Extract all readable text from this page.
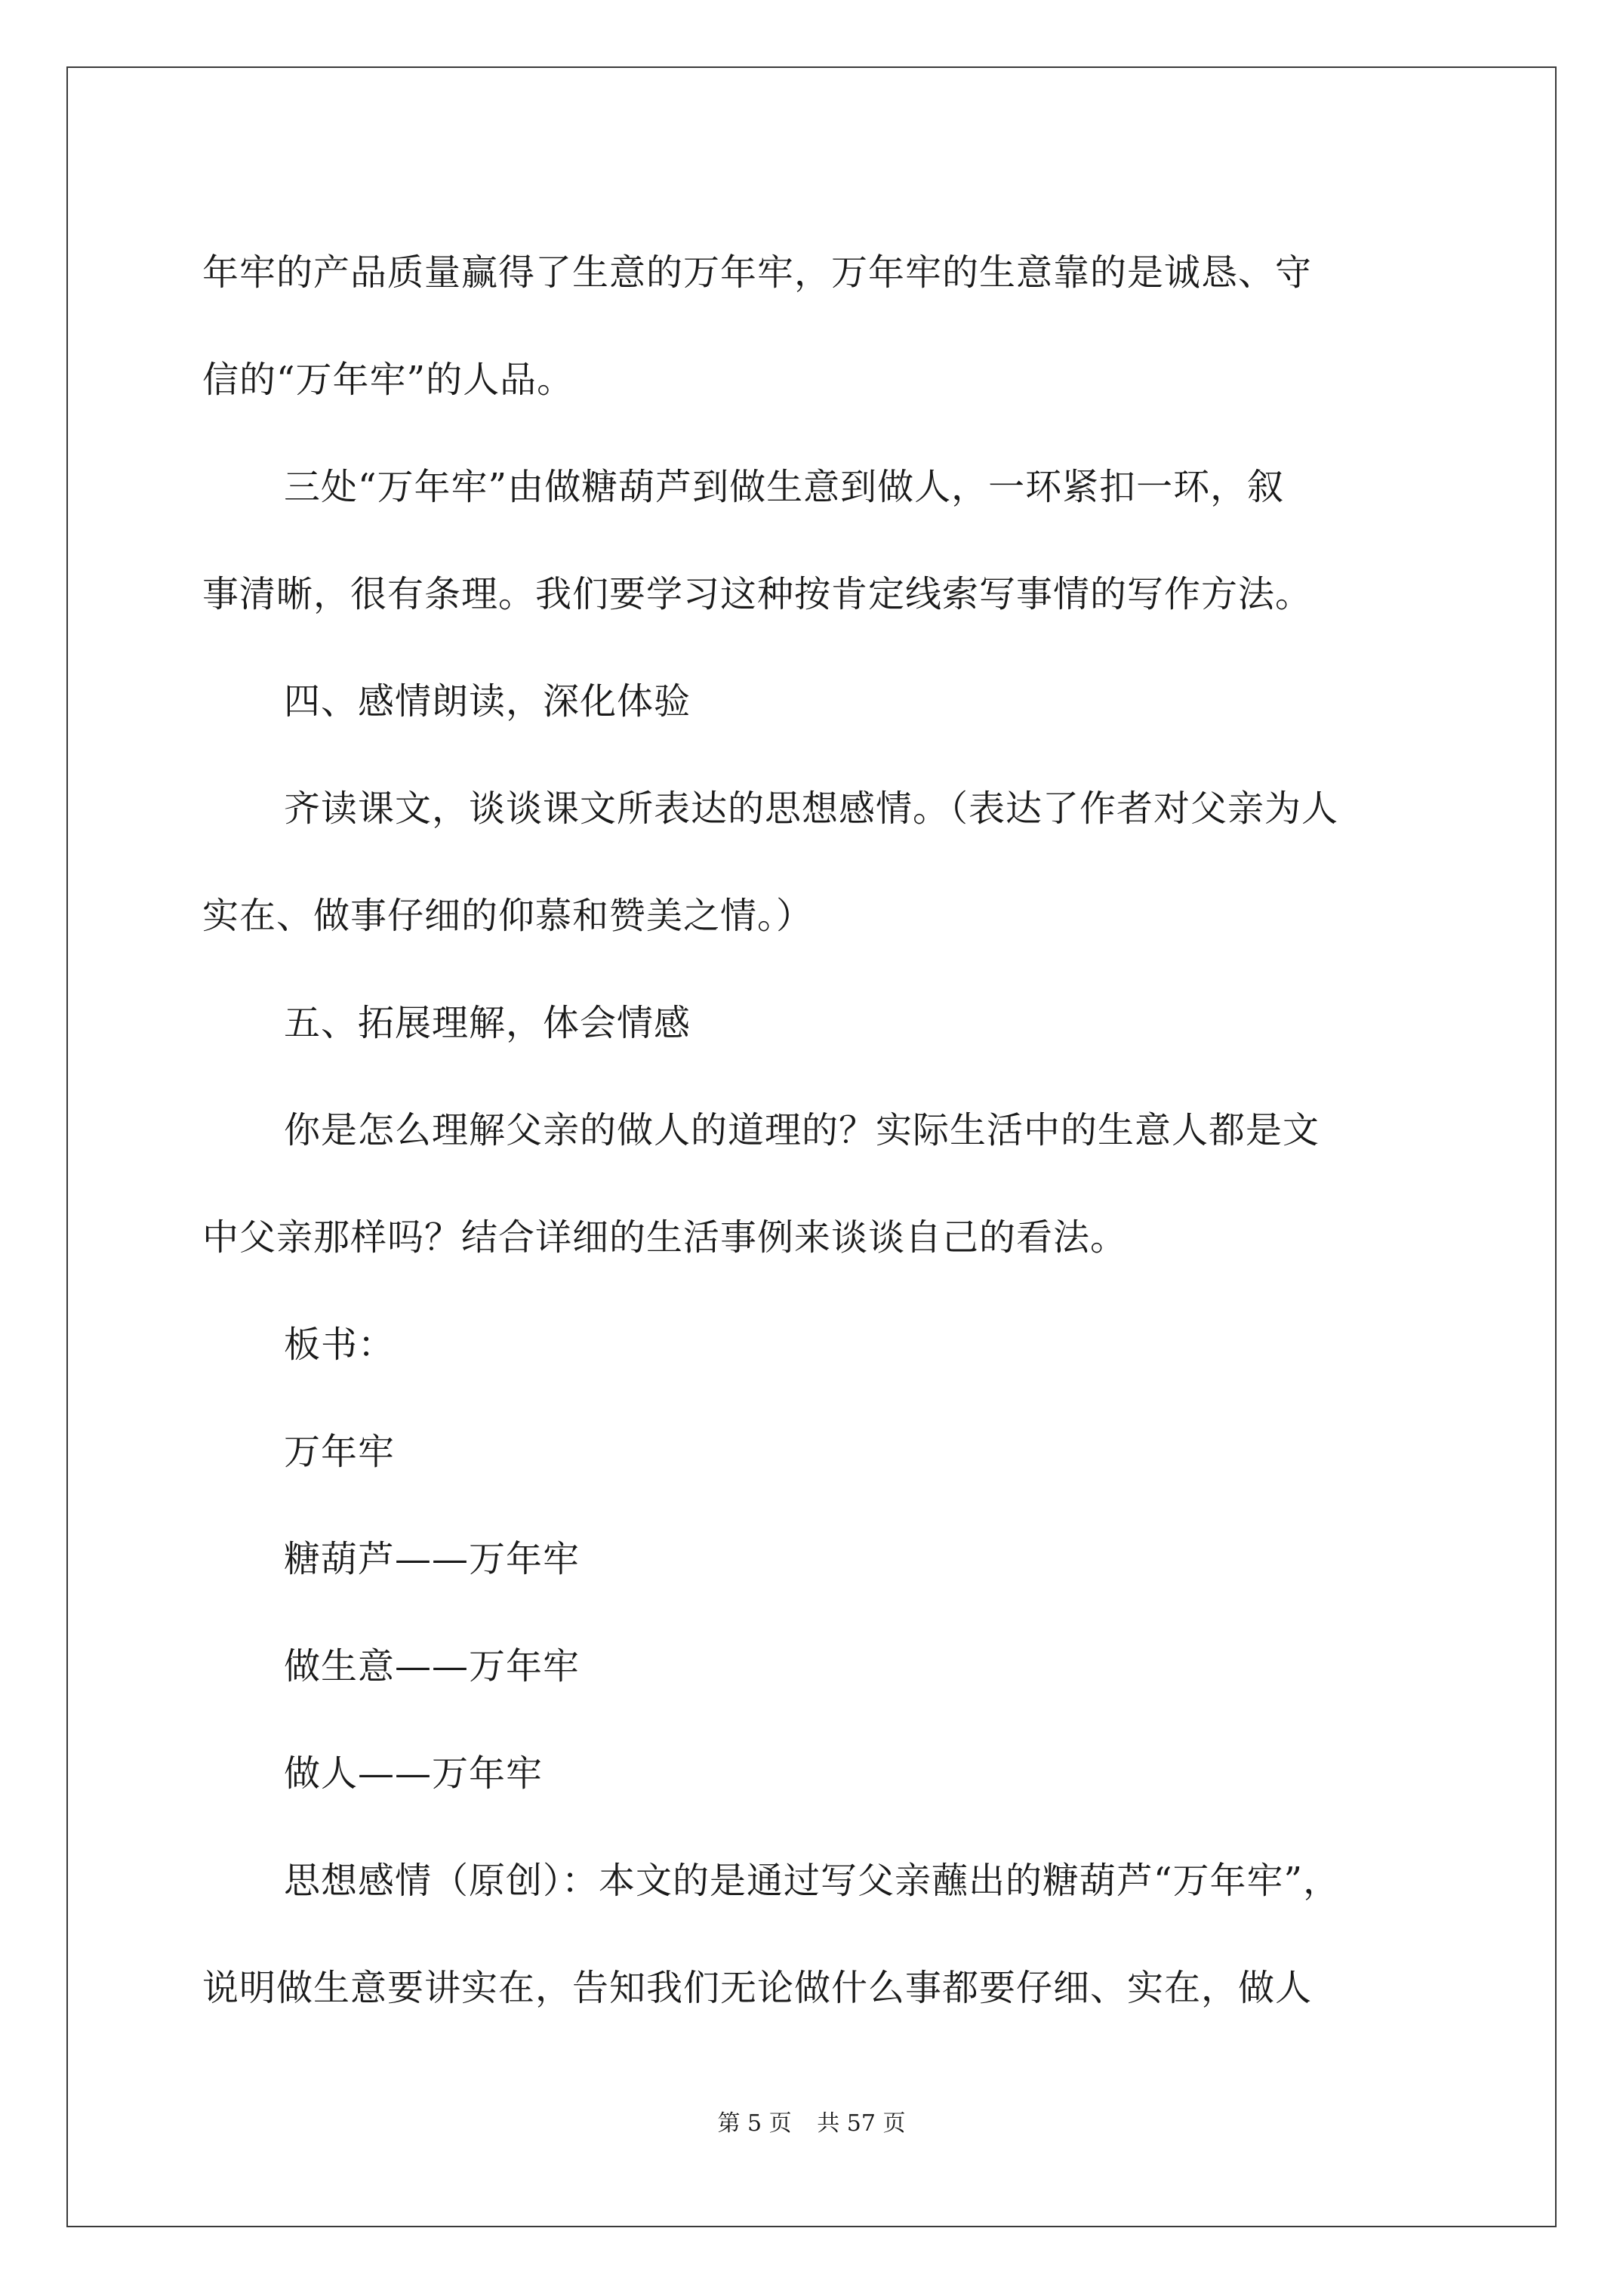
年牢的产品质量赢得了生意的万年牢，万年牢的生意靠的是诚恳、守
信的“万年牢”的人品。
三处“万年牢”由做糖葫芦到做生意到做人，一环紧扣一环，叙
事清晰，很有条理。我们要学习这种按肯定线索写事情的写作方法。
四、感情朗读，深化体验
齐读课文，谈谈课文所表达的思想感情。（表达了作者对父亲为人
实在、做事仔细的仰慕和赞美之情。）
五、拓展理解，体会情感
你是怎么理解父亲的做人的道理的？实际生活中的生意人都是文
中父亲那样吗？结合详细的生活事例来谈谈自己的看法。
板书：
万年牢
糖葫芦——万年牢
做生意——万年牢
做人——万年牢
思想感情（原创）：本文的是通过写父亲蘸出的糖葫芦“万年牢”，
说明做生意要讲实在，告知我们无论做什么事都要仔细、实在，做人
第 5 页 共 57 页
